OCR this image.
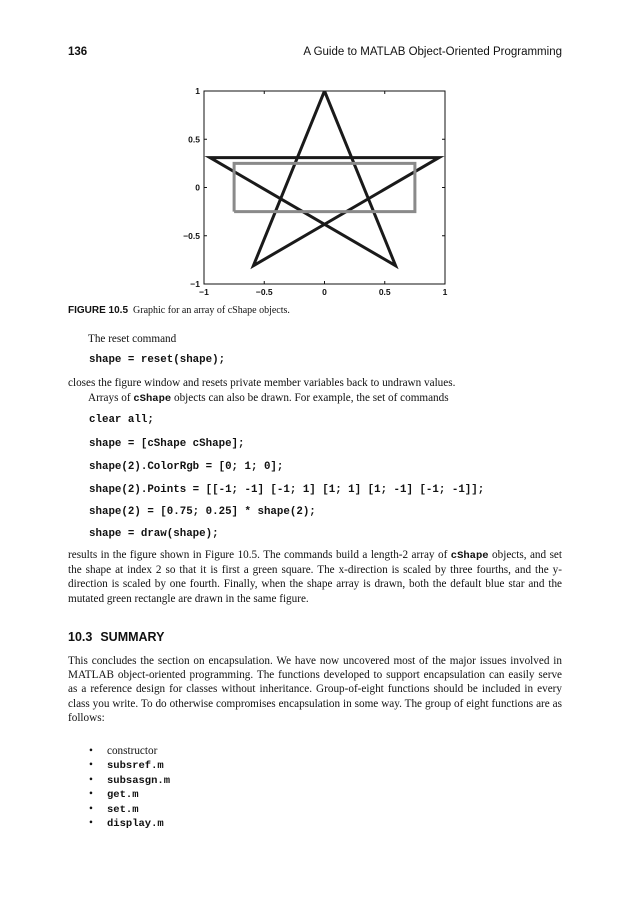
136	A Guide to MATLAB Object-Oriented Programming
−1	−0.5	0	0.5	1
1
0.5
0
−0.5
−1
FIGURE 10.5 Graphic for an array of cShape objects.
The reset command
shape = reset(shape);
closes the figure window and resets private member variables back to undrawn values.
Arrays of cShape objects can also be drawn. For example, the set of commands
clear all;
shape = [cShape cShape];
shape(2).ColorRgb = [0; 1; 0];
shape(2).Points = [[-1; -1] [-1; 1] [1; 1] [1; -1] [-1; -1]];
shape(2) = [0.75; 0.25] * shape(2);
shape = draw(shape);
results in the figure shown in Figure 10.5. The commands build a length-2 array of cShape objects, and set the shape at index 2 so that it is first a green square. The x-direction is scaled by three fourths, and the y-direction is scaled by one fourth. Finally, when the shape array is drawn, both the default blue star and the mutated green rectangle are drawn in the same figure.
10.3 SUMMARY
This concludes the section on encapsulation. We have now uncovered most of the major issues involved in MATLAB object-oriented programming. The functions developed to support encapsulation can easily serve as a reference design for classes without inheritance. Group-of-eight functions should be included in every class you write. To do otherwise compromises encapsulation in some way. The group of eight functions are as follows:
• constructor
• subsref.m
• subsasgn.m
• get.m
• set.m
• display.m
